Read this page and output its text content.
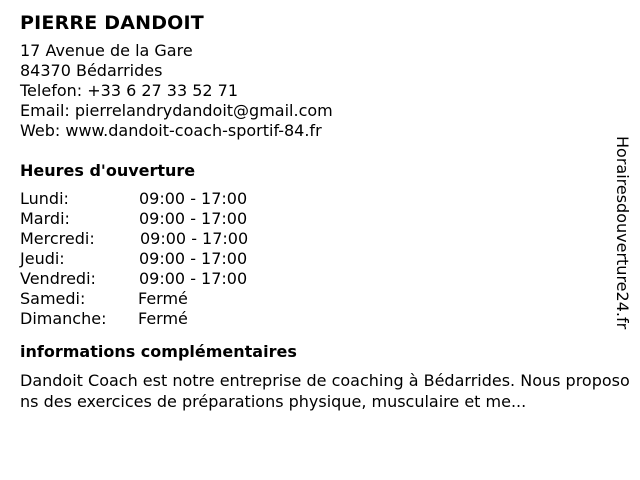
PIERRE DANDOIT
17 Avenue de la Gare
84370 Bédarrides
Telefon: +33 6 27 33 52 71
Email: pierrelandrydandoit@gmail.com
Web: www.dandoit-coach-sportif-84.fr
Heures d'ouverture
Lundi:	09:00 - 17:00
Mardi:	09:00 - 17:00
Mercredi:	09:00 - 17:00
Jeudi:	09:00 - 17:00
Vendredi:	09:00 - 17:00
Samedi:	Fermé
Dimanche: Fermé
informations complémentaires
Dandoit Coach est notre entreprise de coaching à Bédarrides. Nous proposons des exercices de préparations physique, musculaire et me...
Horairesdouverture24.fr
